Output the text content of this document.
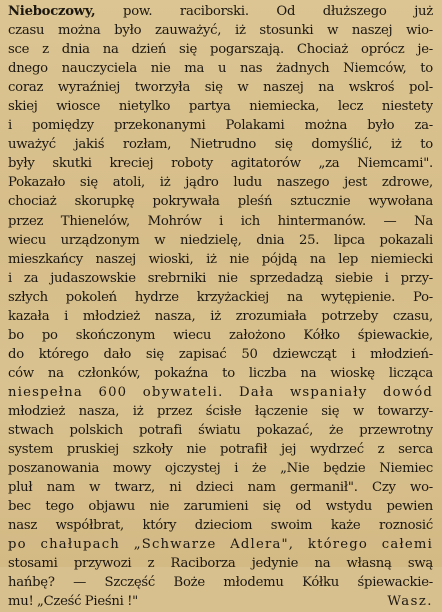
Nieboczowy, pow. raciborski. Od dłuższego już
czasu można było zauważyć, iż stosunki w naszej wio-
sce z dnia na dzień się pogarszają. Chociaż oprócz je-
dnego nauczyciela nie ma u nas żadnych Niemców, to
coraz wyraźniej tworzyła się w naszej na wskroś pol-
skiej wiosce nietylko partya niemiecka, lecz niestety
i pomiędzy przekonanymi Polakami można było za-
uważyć jakiś rozłam, Nietrudno się domyślić, iż to
były skutki kreciej roboty agitatorów „za Niemcami".
Pokazało się atoli, iż jądro ludu naszego jest zdrowe,
chociaż skorupkę pokrywała pleśń sztucznie wywołana
przez Thienelów, Mohrów i ich hintermanów. — Na
wiecu urządzonym w niedzielę, dnia 25. lipca pokazali
mieszkańcy naszej wioski, iż nie pójdą na lep niemiecki
i za judaszowskie srebrniki nie sprzedadzą siebie i przy-
szłych pokoleń hydrze krzyżackiej na wytępienie. Po-
kazała i młodzież nasza, iż zrozumiała potrzeby czasu,
bo po skończonym wiecu założono Kółko śpiewackie,
do którego dało się zapisać 50 dziewcząt i młodzień-
ców na członków, pokaźna to liczba na wioskę licząca
niespełna 600 obywateli. Dała wspaniały dowód
młodzież nasza, iż przez ścisłe łączenie się w towarzy-
stwach polskich potrafi światu pokazać, że przewrotny
system pruskiej szkoły nie potrafił jej wydrzeć z serca
poszanowania mowy ojczystej i że „Nie będzie Niemiec
pluł nam w twarz, ni dzieci nam germanił". Czy wo-
bec tego objawu nie zarumieni się od wstydu pewien
nasz współbrat, który dzieciom swoim każe roznosić
po chałupach „Schwarze Adlera", którego całemi
stosami przywozi z Raciborza jedynie na własną swą
hańbę? — Szczęść Boże młodemu Kółku śpiewackie-
mu! „Cześć Pieśni !"	Wasz.
